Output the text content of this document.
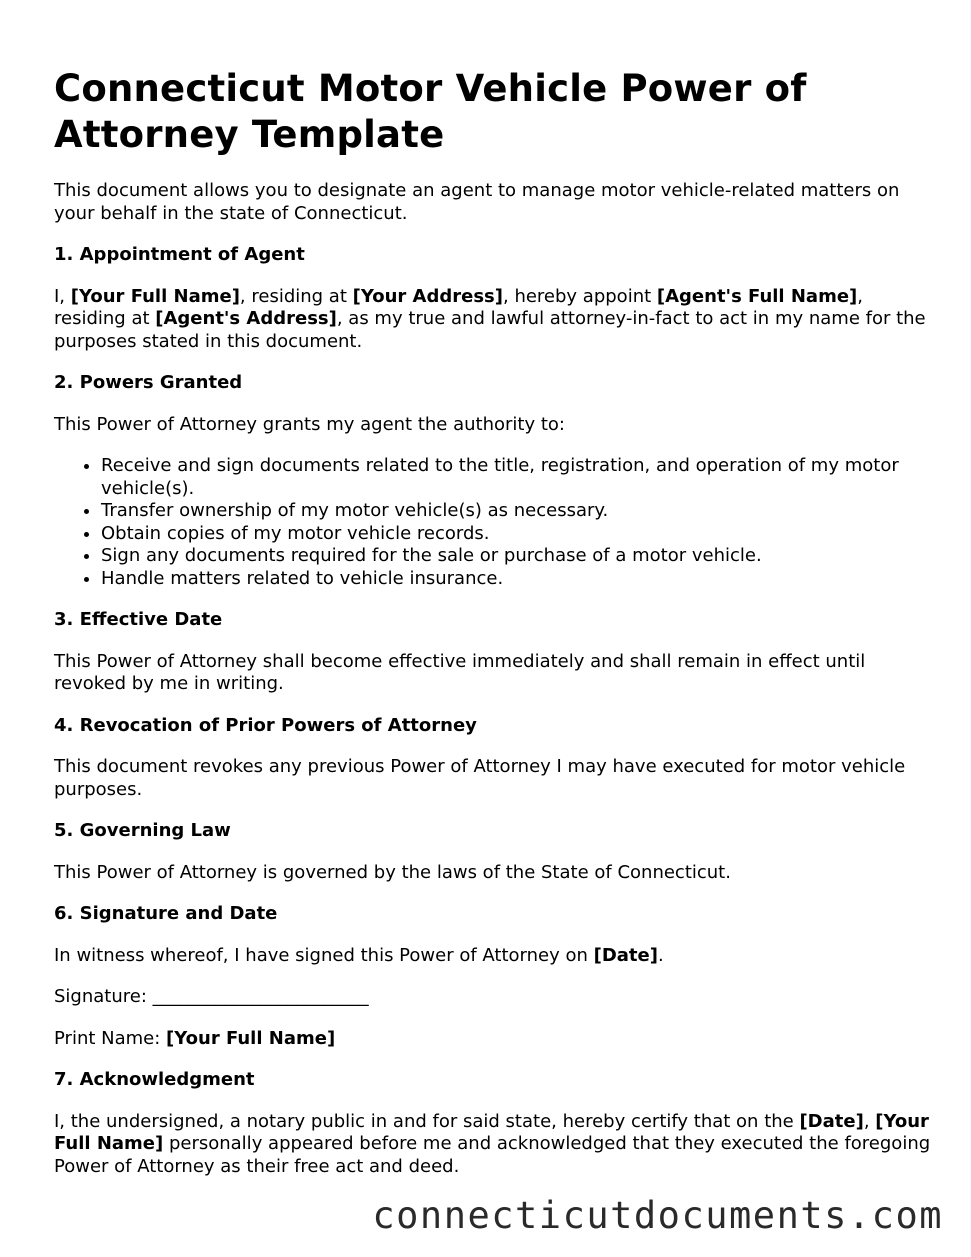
Connecticut Motor Vehicle Power of Attorney Template

This document allows you to designate an agent to manage motor vehicle-related matters on your behalf in the state of Connecticut.

1. Appointment of Agent

I, [Your Full Name], residing at [Your Address], hereby appoint [Agent's Full Name], residing at [Agent's Address], as my true and lawful attorney-in-fact to act in my name for the purposes stated in this document.

2. Powers Granted

This Power of Attorney grants my agent the authority to:

• Receive and sign documents related to the title, registration, and operation of my motor vehicle(s).
• Transfer ownership of my motor vehicle(s) as necessary.
• Obtain copies of my motor vehicle records.
• Sign any documents required for the sale or purchase of a motor vehicle.
• Handle matters related to vehicle insurance.
3. Effective Date

This Power of Attorney shall become effective immediately and shall remain in effect until revoked by me in writing.

4. Revocation of Prior Powers of Attorney

This document revokes any previous Power of Attorney I may have executed for motor vehicle purposes.

5. Governing Law

This Power of Attorney is governed by the laws of the State of Connecticut.

6. Signature and Date

In witness whereof, I have signed this Power of Attorney on [Date].

Signature: ________________________

Print Name: [Your Full Name]

7. Acknowledgment

I, the undersigned, a notary public in and for said state, hereby certify that on the [Date], [Your Full Name] personally appeared before me and acknowledged that they executed the foregoing Power of Attorney as their free act and deed.

connecticutdocuments.com
